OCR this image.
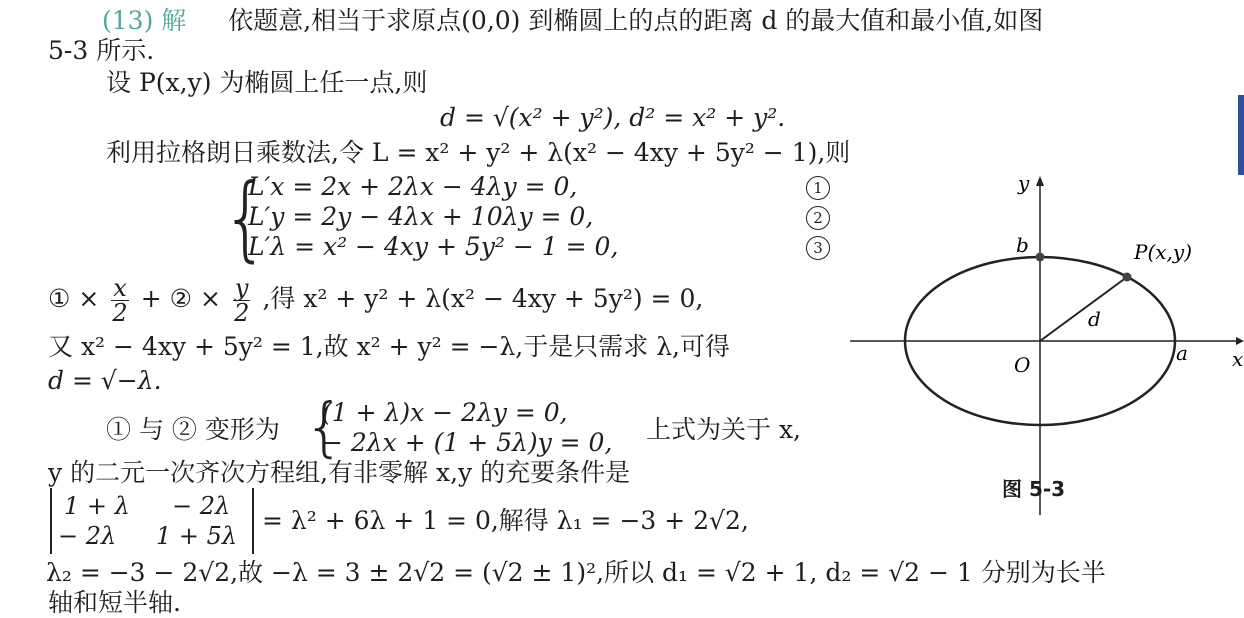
(13) 解 依题意,相当于求原点(0,0) 到椭圆上的点的距离 d 的最大值和最小值,如图
5-3 所示.
设 P(x,y) 为椭圆上任一点,则
d = √(x² + y²), d² = x² + y².
利用拉格朗日乘数法,令 L = x² + y² + λ(x² − 4xy + 5y² − 1),则
{
L′x = 2x + 2λx − 4λy = 0,
L′y = 2y − 4λx + 10λy = 0,
L′λ = x² − 4xy + 5y² − 1 = 0,
1
2
3
① × $\frac{x}{2}$ + ② × $\frac{y}{2}$ ,得 x² + y² + λ(x² − 4xy + 5y²) = 0,
又 x² − 4xy + 5y² = 1,故 x² + y² = −λ,于是只需求 λ,可得
d = √−λ.
① 与 ② 变形为 {
(1 + λ)x − 2λy = 0,
− 2λx + (1 + 5λ)y = 0, 上式为关于 x,
y 的二元一次齐次方程组,有非零解 x,y 的充要条件是
1 + λ − 2λ
− 2λ 1 + 5λ
= λ² + 6λ + 1 = 0,解得 λ₁ = −3 + 2√2,
λ₂ = −3 − 2√2,故 −λ = 3 ± 2√2 = (√2 ± 1)²,所以 d₁ = √2 + 1, d₂ = √2 − 1 分别为长半
轴和短半轴.
y
x
b
a
O
d
P(x,y)
图 5-3
